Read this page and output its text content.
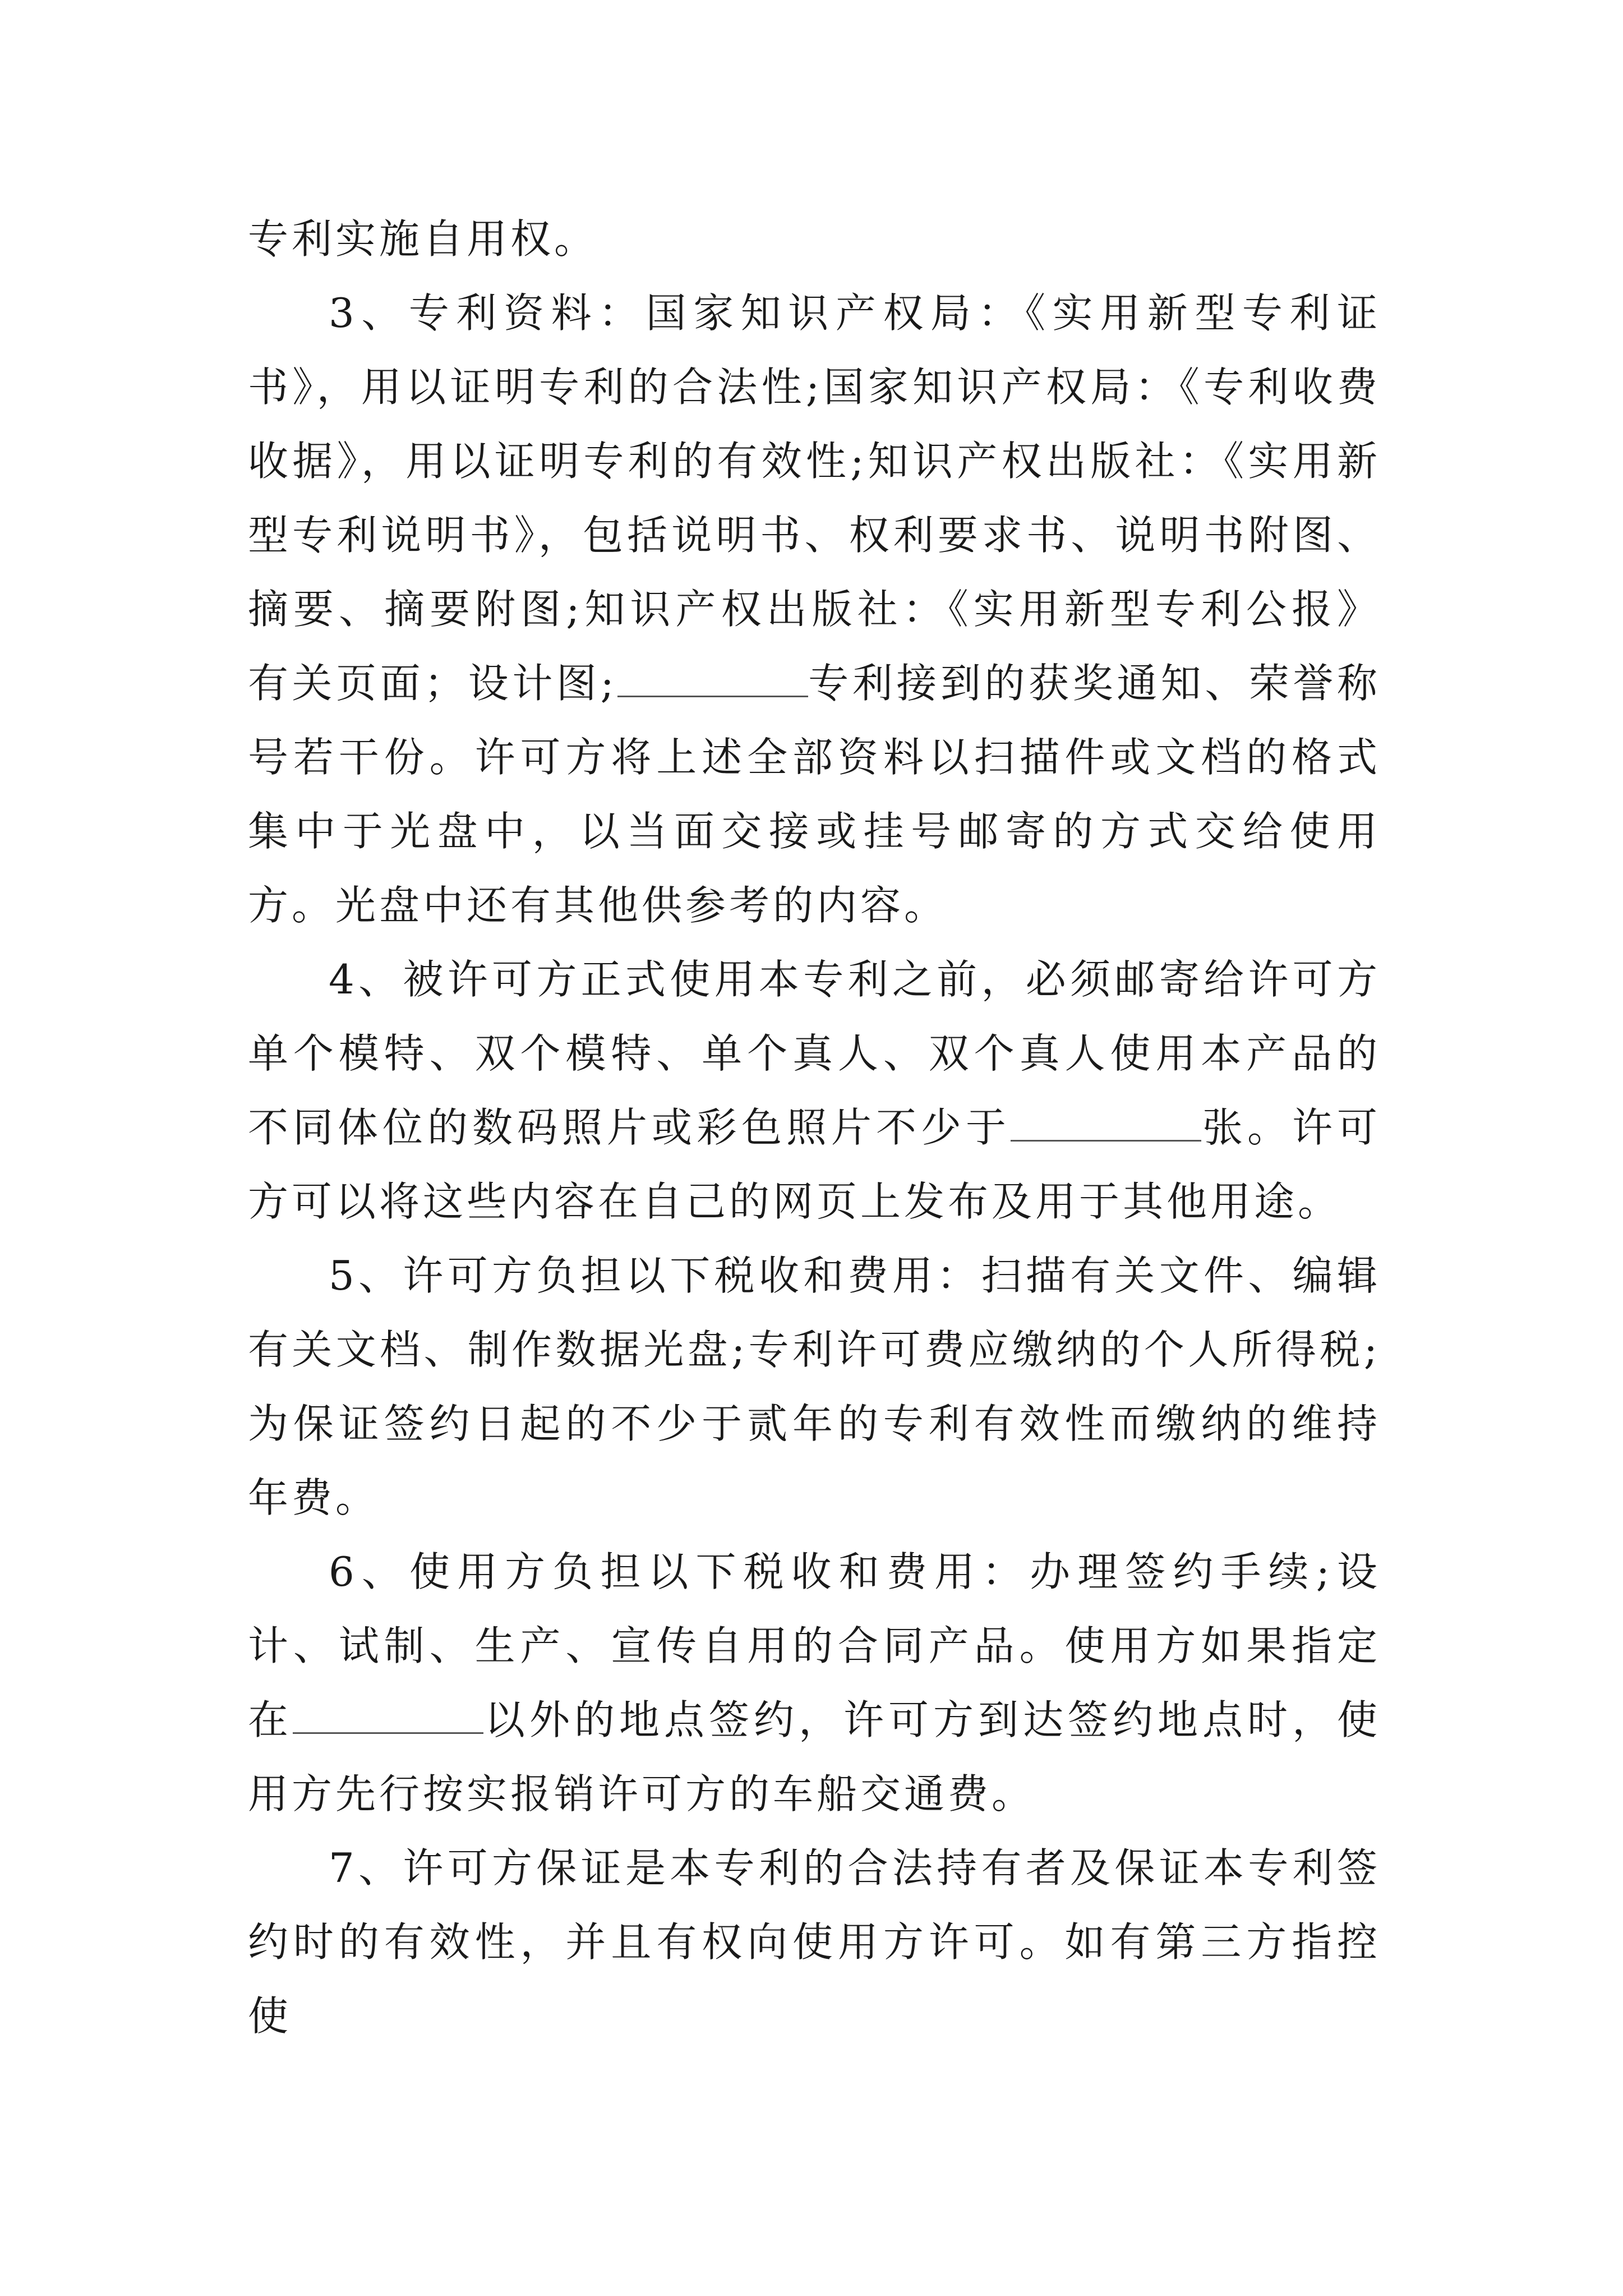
专利实施自用权。

3、专利资料：国家知识产权局：《实用新型专利证书》，用以证明专利的合法性;国家知识产权局：《专利收费收据》，用以证明专利的有效性;知识产权出版社：《实用新型专利说明书》，包括说明书、权利要求书、说明书附图、摘要、摘要附图;知识产权出版社：《实用新型专利公报》有关页面；设计图;	专利接到的获奖通知、荣誉称号若干份。许可方将上述全部资料以扫描件或文档的格式集中于光盘中，以当面交接或挂号邮寄的方式交给使用方。光盘中还有其他供参考的内容。

4、被许可方正式使用本专利之前，必须邮寄给许可方单个模特、双个模特、单个真人、双个真人使用本产品的不同体位的数码照片或彩色照片不少于	张。许可方可以将这些内容在自己的网页上发布及用于其他用途。

5、许可方负担以下税收和费用：扫描有关文件、编辑有关文档、制作数据光盘;专利许可费应缴纳的个人所得税;为保证签约日起的不少于贰年的专利有效性而缴纳的维持年费。

6、使用方负担以下税收和费用：办理签约手续;设计、试制、生产、宣传自用的合同产品。使用方如果指定在	以外的地点签约，许可方到达签约地点时，使用方先行按实报销许可方的车船交通费。

7、许可方保证是本专利的合法持有者及保证本专利签约时的有效性，并且有权向使用方许可。如有第三方指控使
